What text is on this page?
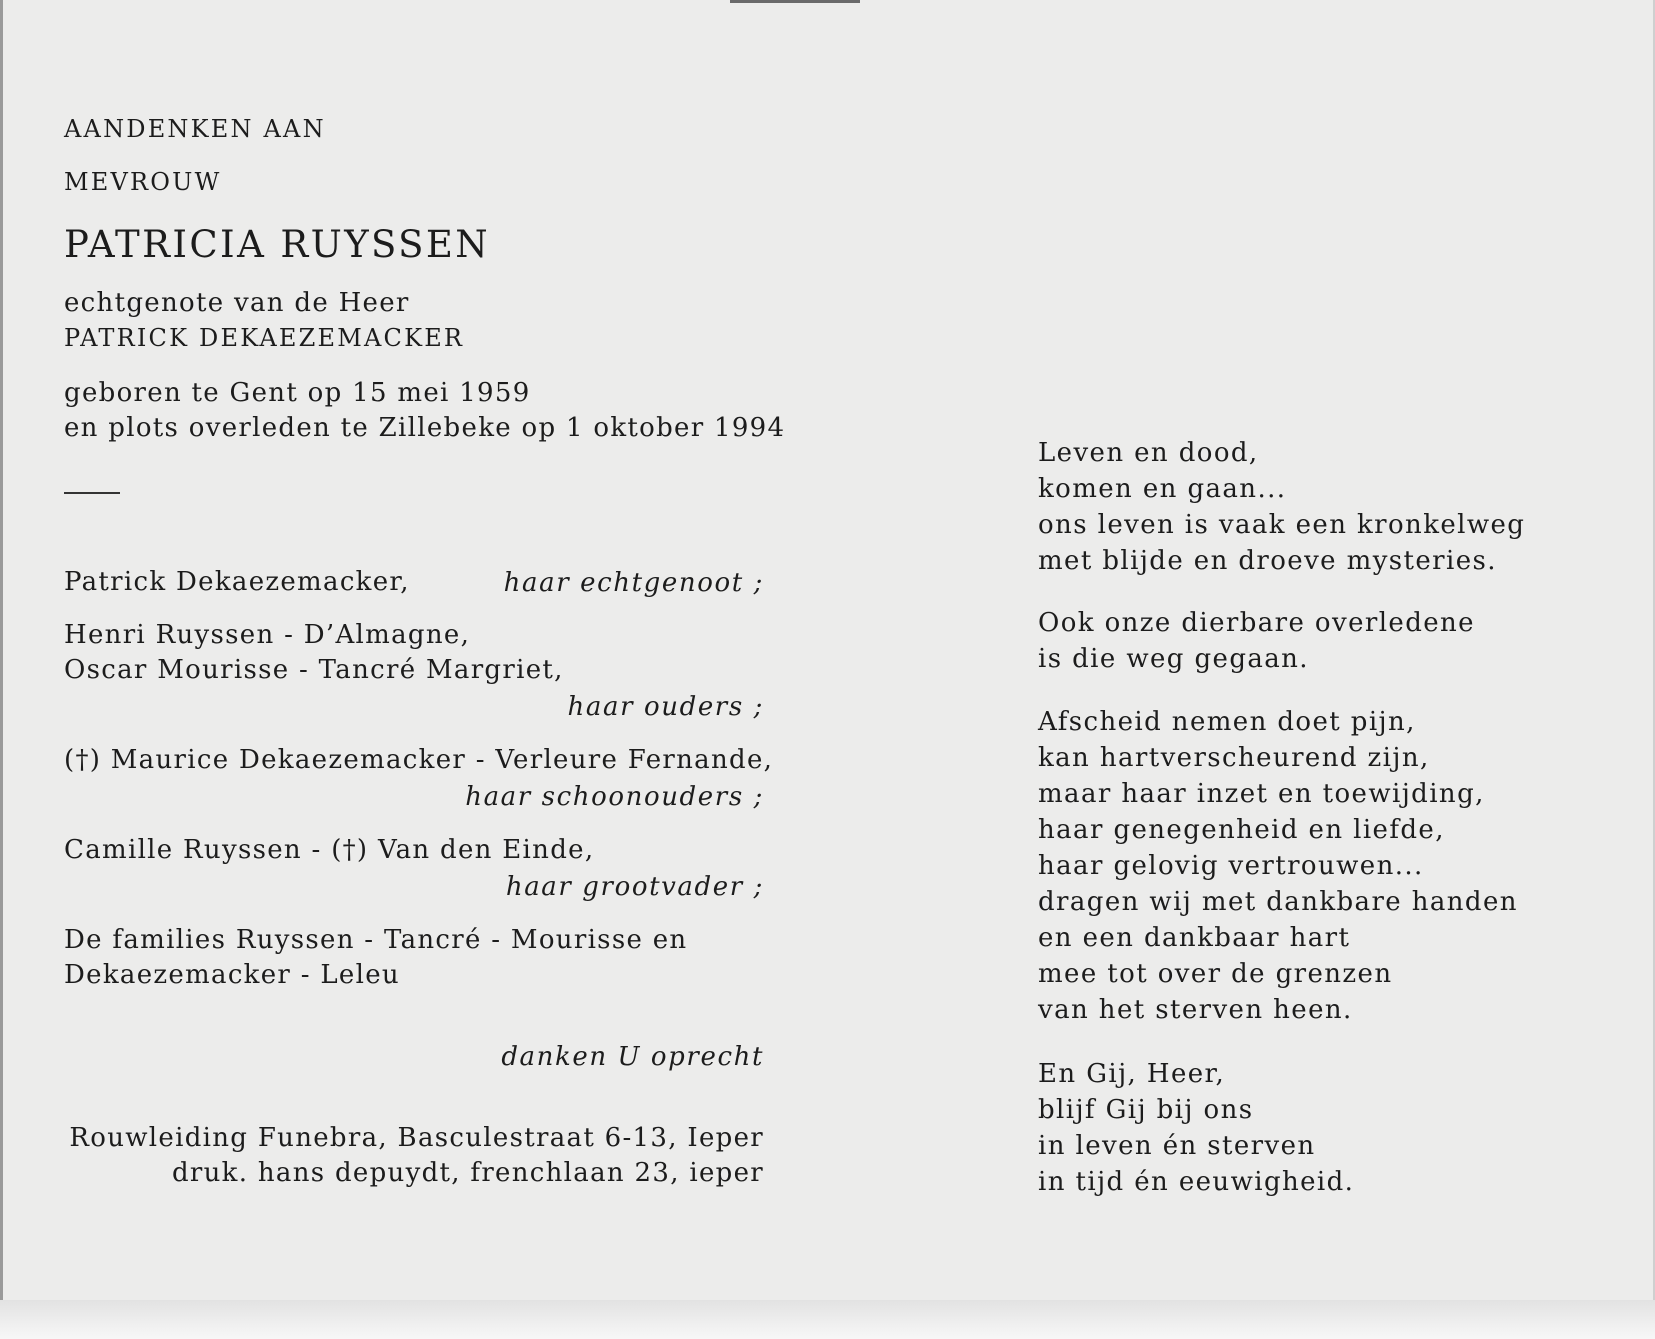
AANDENKEN AAN
MEVROUW
PATRICIA RUYSSEN
echtgenote van de Heer
PATRICK DEKAEZEMACKER
geboren te Gent op 15 mei 1959
en plots overleden te Zillebeke op 1 oktober 1994
Patrick Dekaezemacker,	haar echtgenoot ;
Henri Ruyssen - D’Almagne,
Oscar Mourisse - Tancré Margriet,
haar ouders ;
(†) Maurice Dekaezemacker - Verleure Fernande,
haar schoonouders ;
Camille Ruyssen - (†) Van den Einde,
haar grootvader ;
De families Ruyssen - Tancré - Mourisse en
Dekaezemacker - Leleu
danken U oprecht
Rouwleiding Funebra, Basculestraat 6-13, Ieper
druk. hans depuydt, frenchlaan 23, ieper
Leven en dood,
komen en gaan...
ons leven is vaak een kronkelweg
met blijde en droeve mysteries.
Ook onze dierbare overledene
is die weg gegaan.
Afscheid nemen doet pijn,
kan hartverscheurend zijn,
maar haar inzet en toewijding,
haar genegenheid en liefde,
haar gelovig vertrouwen...
dragen wij met dankbare handen
en een dankbaar hart
mee tot over de grenzen
van het sterven heen.
En Gij, Heer,
blijf Gij bij ons
in leven én sterven
in tijd én eeuwigheid.
